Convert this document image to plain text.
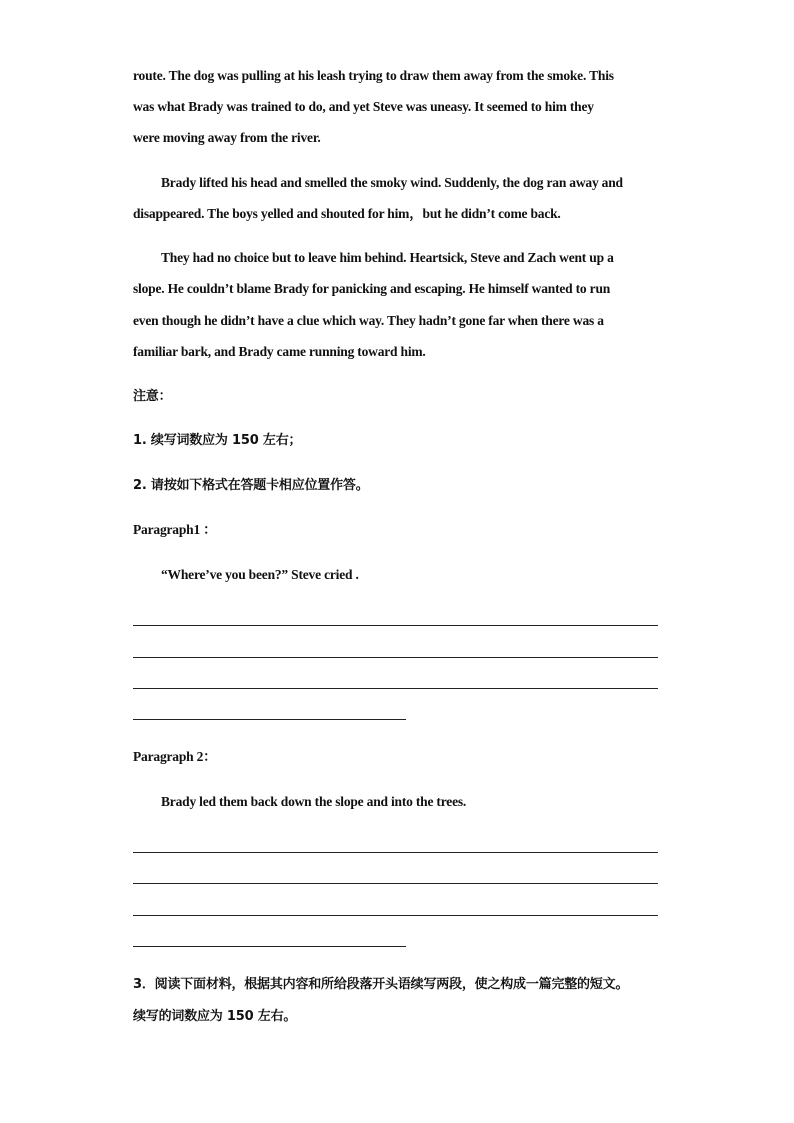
route. The dog was pulling at his leash trying to draw them away from the smoke. This
was what Brady was trained to do, and yet Steve was uneasy. It seemed to him they
were moving away from the river.
Brady lifted his head and smelled the smoky wind. Suddenly, the dog ran away and
disappeared. The boys yelled and shouted for him，but he didn’t come back.
They had no choice but to leave him behind. Heartsick, Steve and Zach went up a
slope. He couldn’t blame Brady for panicking and escaping. He himself wanted to run
even though he didn’t have a clue which way. They hadn’t gone far when there was a
familiar bark, and Brady came running toward him.
注意：
1. 续写词数应为 150 左右；
2. 请按如下格式在答题卡相应位置作答。
Paragraph1 ：
“Where’ve you been?” Steve cried .
Paragraph 2：
Brady led them back down the slope and into the trees.
3．阅读下面材料，根据其内容和所给段落开头语续写两段，使之构成一篇完整的短文。
续写的词数应为 150 左右。
